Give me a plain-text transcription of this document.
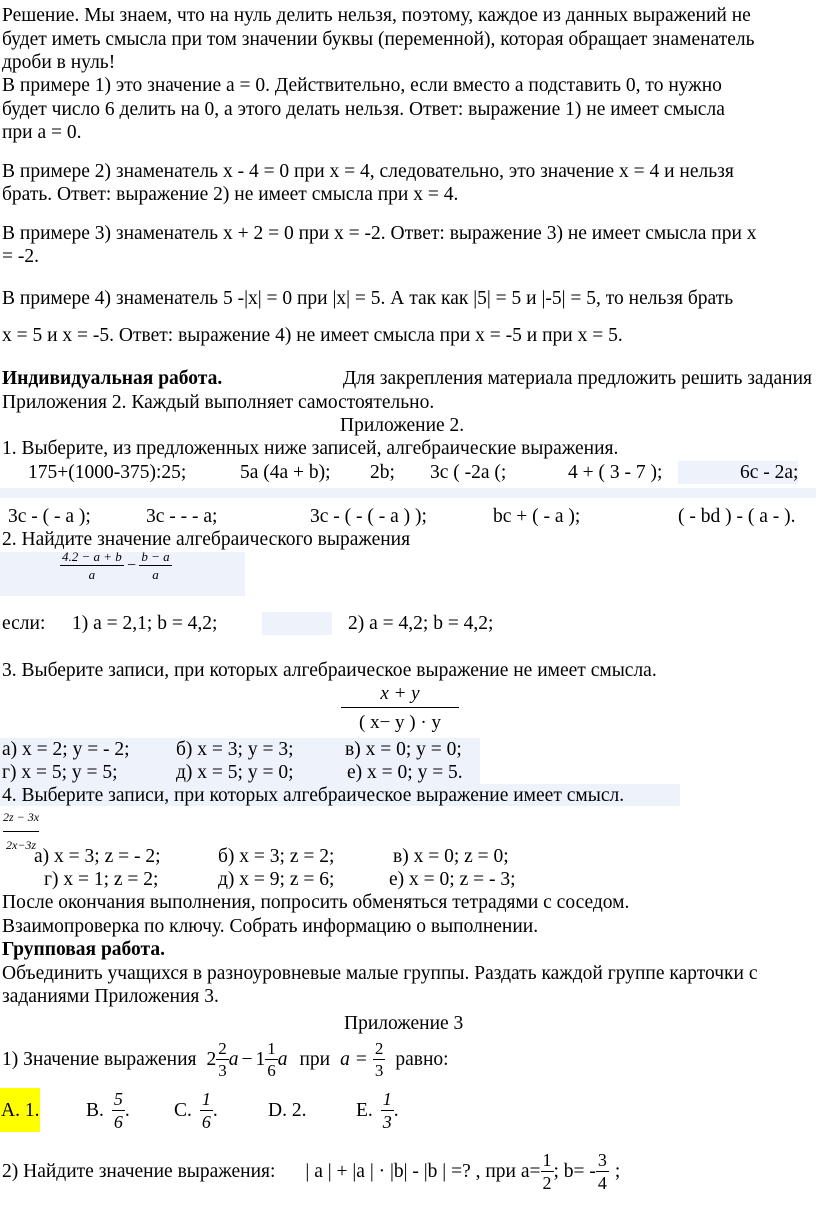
Решение. Мы знаем, что на нуль делить нельзя, поэтому, каждое из данных выражений не
будет иметь смысла при том значении буквы (переменной), которая обращает знаменатель
дроби в нуль!
В примере 1) это значение a = 0. Действительно, если вместо a подставить 0, то нужно
будет число 6 делить на 0, а этого делать нельзя. Ответ: выражение 1) не имеет смысла
при a = 0.
В примере 2) знаменатель x - 4 = 0 при x = 4, следовательно, это значение x = 4 и нельзя
брать. Ответ: выражение 2) не имеет смысла при x = 4.
В примере 3) знаменатель x + 2 = 0 при x = -2. Ответ: выражение 3) не имеет смысла при x
= -2.
В примере 4) знаменатель 5 -|x| = 0 при |x| = 5. А так как |5| = 5 и |-5| = 5, то нельзя брать
x = 5 и x = -5. Ответ: выражение 4) не имеет смысла при x = -5 и при x = 5.
Индивидуальная работа.	Для закрепления материала предложить решить задания
Приложения 2. Каждый выполняет самостоятельно.
Приложение 2.
1. Выберите, из предложенных ниже записей, алгебраические выражения.
175+(1000-375):25;	5a (4a + b); 2b; 3c ( -2a (;	4 + ( 3 - 7 );	6c - 2a;
3c - ( - a );	3c - - - a;	3c - ( - ( - a ) );	bc + ( - a );	( - bd ) - ( a - ).
2. Найдите значение алгебраического выражения
$\frac{4.2 - a + b}{a} - \frac{b - a}{a}$
если: 1) a = 2,1; b = 4,2;	2) a = 4,2; b = 4,2;
3. Выберите записи, при которых алгебраическое выражение не имеет смысла.
$\frac{x + y}{( x- y ) \cdot y}$
а) x = 2; y = - 2; б) x = 3; y = 3;	в) x = 0; y = 0;
г) x = 5; y = 5;	д) x = 5; y = 0;	е) x = 0; y = 5.
4. Выберите записи, при которых алгебраическое выражение имеет смысл.
$\frac{2z - 3x}{2x-3z}$
а) x = 3; z = - 2;	б) x = 3; z = 2;	в) x = 0; z = 0;
г) x = 1; z = 2;	д) x = 9; z = 6;	е) x = 0; z = - 3;
После окончания выполнения, попросить обменяться тетрадями с соседом.
Взаимопроверка по ключу. Собрать информацию о выполнении.
Групповая работа.
Объединить учащихся в разноуровневые малые группы. Раздать каждой группе карточки с
заданиями Приложения 3.
Приложение 3
1) Значение выражения $2 \frac{2}{3}$ $a - 1 \frac{1}{6}$ a при $a = \frac{2}{3}$ равно:
А. 1. B. $\frac{5}{6}$ . C. $\frac{1}{6}$ .	D. 2.	E. $\frac{1}{3}$ .
2) Найдите значение выражения: | a | + |a | · |b| - |b | =? , при $а= \frac{1}{2}$ ; $b= - \frac{3}{4}$ ;
